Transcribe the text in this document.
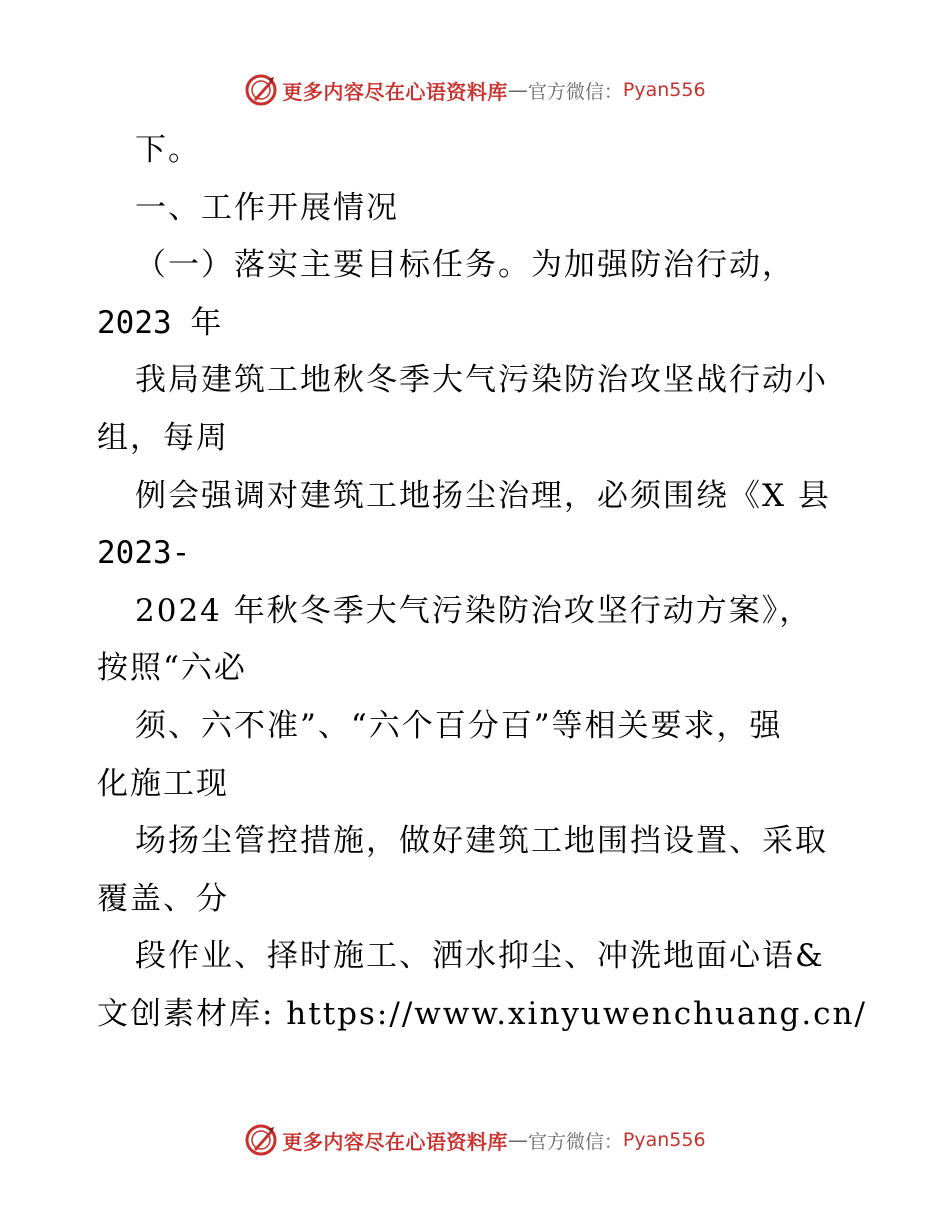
更多内容尽在心语资料库 — 官方微信： Pyan556
下。
一、工作开展情况
（一）落实主要目标任务。为加强防治行动，
2023 年
我局建筑工地秋冬季大气污染防治攻坚战行动小
组，每周
例会强调对建筑工地扬尘治理，必须围绕《X 县
2023-
2024 年秋冬季大气污染防治攻坚行动方案》，
按照“六必
须、六不准”、“六个百分百”等相关要求，强
化施工现
场扬尘管控措施，做好建筑工地围挡设置、采取
覆盖、分
段作业、择时施工、洒水抑尘、冲洗地面心语&
文创素材库: https://www.xinyuwenchuang.cn/
更多内容尽在心语资料库 — 官方微信： Pyan556
